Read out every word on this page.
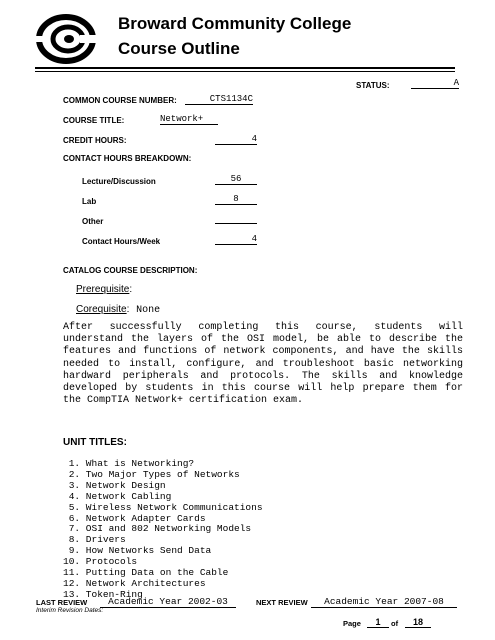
Broward Community College
Course Outline
STATUS:	A
COMMON COURSE NUMBER:	CTS1134C
COURSE TITLE:	Network+
CREDIT HOURS:	4
CONTACT HOURS BREAKDOWN:
Lecture/Discussion	56
Lab	8
Other
Contact Hours/Week	4
CATALOG COURSE DESCRIPTION:
Prerequisite:
Corequisite: None
After successfully completing this course, students will understand the layers of the OSI model, be able to describe the features and functions of network components, and have the skills needed to install, configure, and troubleshoot basic networking hardward peripherals and protocols. The skills and knowledge developed by students in this course will help prepare them for the CompTIA Network+ certification exam.
UNIT TITLES:
1. What is Networking?
2. Two Major Types of Networks
3. Network Design
4. Network Cabling
5. Wireless Network Communications
6. Network Adapter Cards
7. OSI and 802 Networking Models
8. Drivers
9. How Networks Send Data
10. Protocols
11. Putting Data on the Cable
12. Network Architectures
13. Token-Ring
LAST REVIEW	Academic Year 2002-03	NEXT REVIEW	Academic Year 2007-08
Interim Revision Dates:
Page	1	of	18
